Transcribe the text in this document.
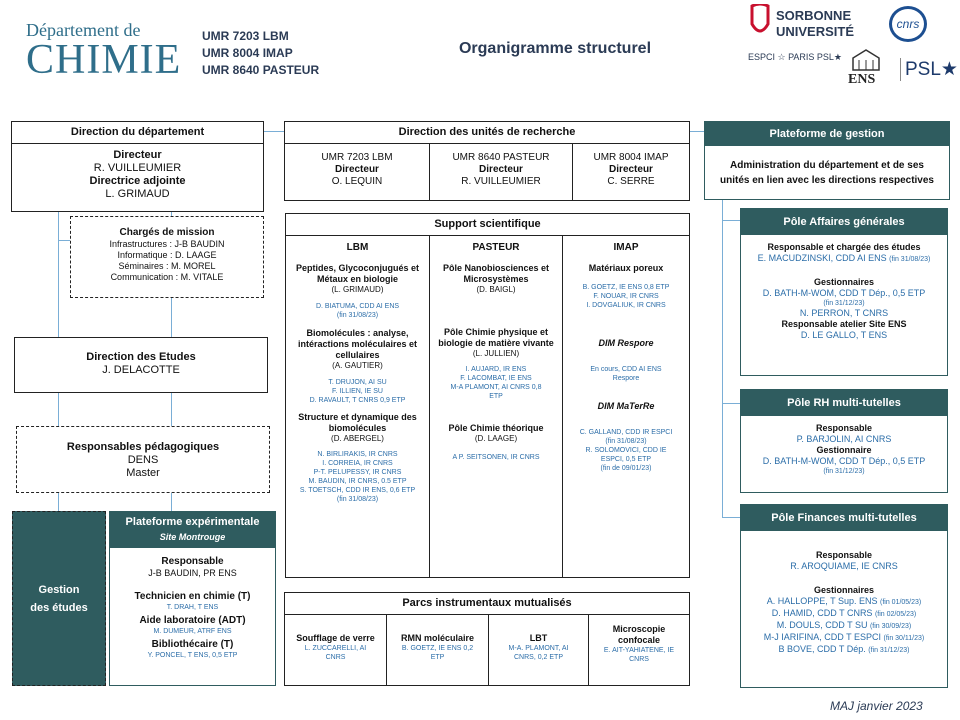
Département de
CHIMIE
UMR 7203 LBM
UMR 8004 IMAP
UMR 8640 PASTEUR
Organigramme structurel
SORBONNE
UNIVERSITÉ	cnrs
ESPCI ☆ PARIS PSL★
ENS PSL★
Direction du département
Directeur
R. VUILLEUMIER
Directrice adjointe
L. GRIMAUD
Chargés de mission
Infrastructures : J-B BAUDIN
Informatique : D. LAAGE
Séminaires : M. MOREL
Communication : M. VITALE
Direction des Etudes
J. DELACOTTE
Responsables pédagogiques
DENS
Master
Gestion
des études
Plateforme expérimentale
Site Montrouge
Responsable
J-B BAUDIN, PR ENS
Technicien en chimie (T)
T. DRAH, T ENS
Aide laboratoire (ADT)
M. DUMEUR, ATRF ENS
Bibliothécaire (T)
Y. PONCEL, T ENS, 0,5 ETP
Direction des unités de recherche
UMR 7203 LBM
Directeur
O. LEQUIN
UMR 8640 PASTEUR
Directeur
R. VUILLEUMIER
UMR 8004 IMAP
Directeur
C. SERRE
Support scientifique
LBM
Peptides, Glycoconjugués et Métaux en biologie
(L. GRIMAUD)
D. BIATUMA, CDD AI ENS
(fin 31/08/23)
Biomolécules : analyse, intéractions moléculaires et cellulaires
(A. GAUTIER)
T. DRUJON, AI SU
F. ILLIEN, IE SU
D. RAVAULT, T CNRS 0,9 ETP
Structure et dynamique des biomolécules
(D. ABERGEL)
N. BIRLIRAKIS, IR CNRS
I. CORREIA, IR CNRS
P-T. PELUPESSY, IR CNRS
M. BAUDIN, IR CNRS, 0.5 ETP
S. TOETSCH, CDD IR ENS, 0,6 ETP
(fin 31/08/23)
PASTEUR
Pôle Nanobiosciences et Microsystèmes
(D. BAIGL)
Pôle Chimie physique et biologie de matière vivante
(L. JULLIEN)
I. AUJARD, IR ENS
F. LACOMBAT, IE ENS
M-A PLAMONT, AI CNRS 0,8
ETP
Pôle Chimie théorique
(D. LAAGE)
A P. SEITSONEN, IR CNRS
IMAP
Matériaux poreux
B. GOETZ, IE ENS 0,8 ETP
F. NOUAR, IR CNRS
I. DOVGALIUK, IR CNRS
DIM Respore
En cours, CDD AI ENS
Respore
DIM MaTerRe
C. GALLAND, CDD IR ESPCI
(fin 31/08/23)
R. SOLOMOVICI, CDD IE
ESPCI, 0,5 ETP
(fin de 09/01/23)
Parcs instrumentaux mutualisés
Soufflage de verre
L. ZUCCARELLI, AI
CNRS
RMN moléculaire
B. GOETZ, IE ENS 0,2
ETP
LBT
M-A. PLAMONT, AI
CNRS, 0,2 ETP
Microscopie confocale
E. AIT-YAHIATENE, IE
CNRS
Plateforme de gestion
Administration du département et de ses unités en lien avec les directions respectives
Pôle Affaires générales
Responsable et chargée des études
E. MACUDZINSKI, CDD AI ENS (fin 31/08/23)
Gestionnaires
D. BATH-M-WOM, CDD T Dép., 0,5 ETP
(fin 31/12/23)
N. PERRON, T CNRS
Responsable atelier Site ENS
D. LE GALLO, T ENS
Pôle RH multi-tutelles
Responsable
P. BARJOLIN, AI CNRS
Gestionnaire
D. BATH-M-WOM, CDD T Dép., 0,5 ETP
(fin 31/12/23)
Pôle Finances multi-tutelles
Responsable
R. AROQUIAME, IE CNRS
Gestionnaires
A. HALLOPPE, T Sup. ENS (fin 01/05/23)
D. HAMID, CDD T CNRS (fin 02/05/23)
M. DOULS, CDD T SU (fin 30/09/23)
M-J IARIFINA, CDD T ESPCI (fin 30/11/23)
B BOVE, CDD T Dép. (fin 31/12/23)
MAJ janvier 2023
